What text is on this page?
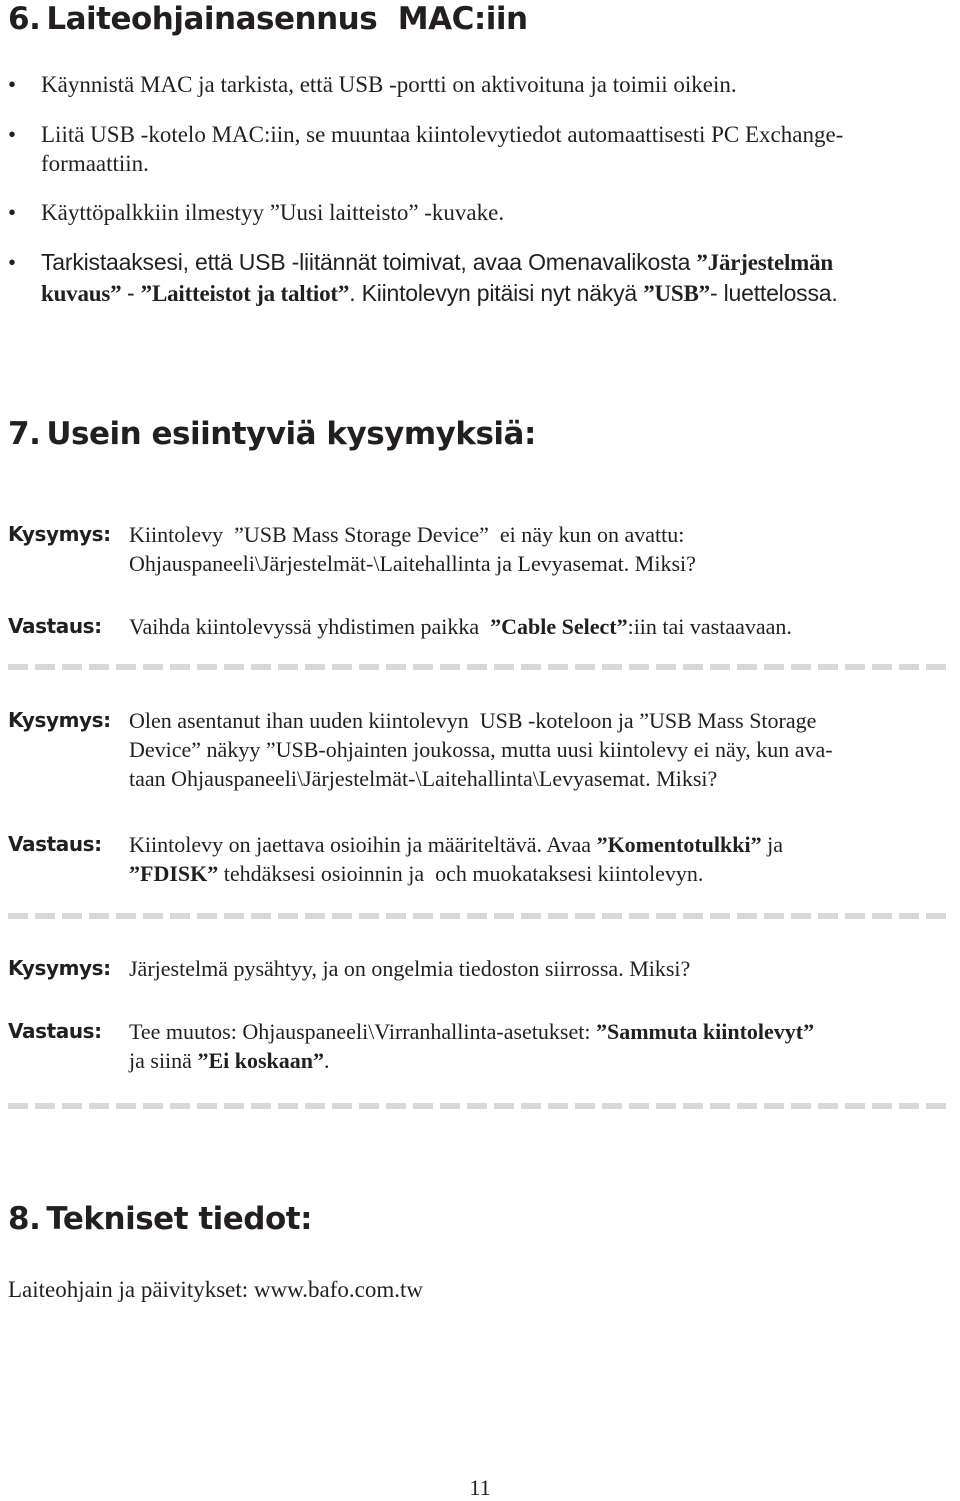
6. Laiteohjainasennus  MAC:iin
• Käynnistä MAC ja tarkista, että USB -portti on aktivoituna ja toimii oikein.
• Liitä USB -kotelo MAC:iin, se muuntaa kiintolevytiedot automaattisesti PC Exchange-
formaattiin.
• Käyttöpalkkiin ilmestyy ”Uusi laitteisto” -kuvake.
• Tarkistaaksesi, että USB -liitännät toimivat, avaa Omenavalikosta ”Järjestelmän
kuvaus” - ”Laitteistot ja taltiot”. Kiintolevyn pitäisi nyt näkyä ”USB”- luettelossa.
7. Usein esiintyviä kysymyksiä:
Kysymys: Kiintolevy  ”USB Mass Storage Device”  ei näy kun on avattu:
Ohjauspaneeli\Järjestelmät-\Laitehallinta ja Levyasemat. Miksi?
Vastaus:	Vaihda kiintolevyssä yhdistimen paikka  ”Cable Select”:iin tai vastaavaan.
Kysymys: Olen asentanut ihan uuden kiintolevyn  USB -koteloon ja ”USB Mass Storage
Device” näkyy ”USB-ohjainten joukossa, mutta uusi kiintolevy ei näy, kun ava-
taan Ohjauspaneeli\Järjestelmät-\Laitehallinta\Levyasemat. Miksi?
Vastaus:	Kiintolevy on jaettava osioihin ja määriteltävä. Avaa ”Komentotulkki” ja
”FDISK” tehdäksesi osioinnin ja  och muokataksesi kiintolevyn.
Kysymys: Järjestelmä pysähtyy, ja on ongelmia tiedoston siirrossa. Miksi?
Vastaus:	Tee muutos: Ohjauspaneeli\Virranhallinta-asetukset: ”Sammuta kiintolevyt”
ja siinä ”Ei koskaan”.
8. Tekniset tiedot:
Laiteohjain ja päivitykset: www.bafo.com.tw
11
